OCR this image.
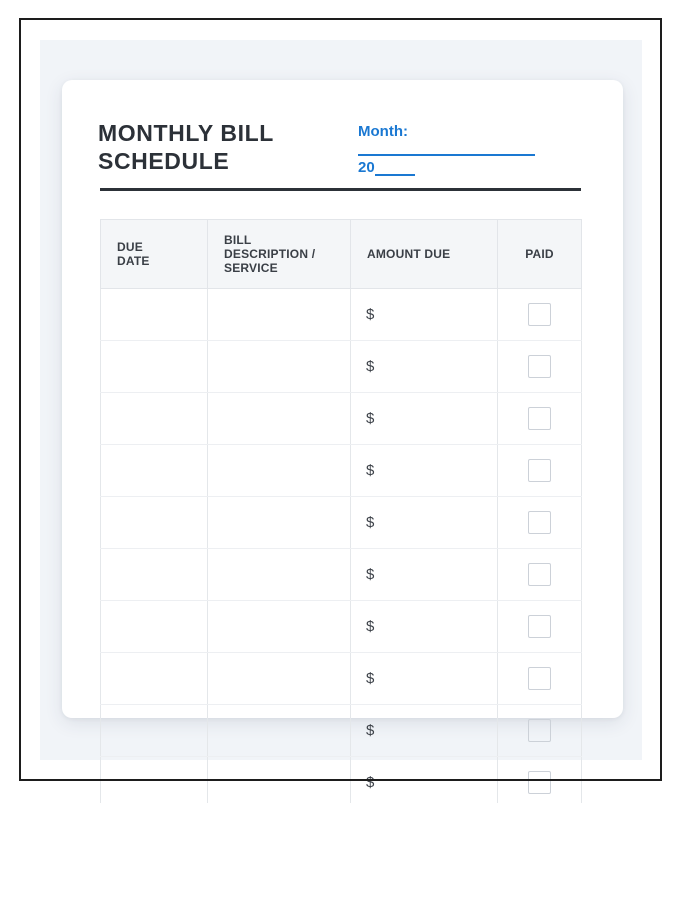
MONTHLY BILL SCHEDULE
Month:
20
DUE DATE	BILL DESCRIPTION / SERVICE	AMOUNT DUE	PAID
		$	

		$	

		$	

		$	

		$	

		$	

		$	

		$	

		$	

		$	
